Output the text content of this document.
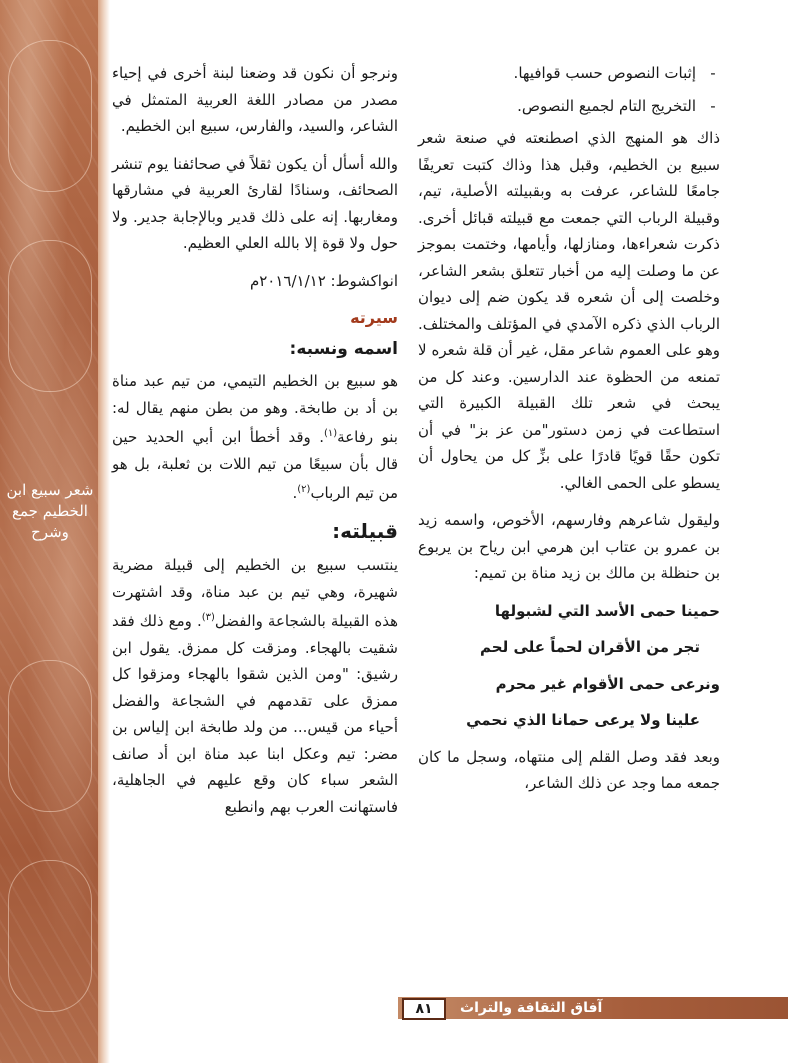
شعر سبيع ابن الخطيم جمع وشرح
-
إثبات النصوص حسب قوافيها.
-
التخريج التام لجميع النصوص.

ذاك هو المنهج الذي اصطنعته في صنعة شعر سبيع بن الخطيم، وقبل هذا وذاك كتبت تعريفًا جامعًا للشاعر، عرفت به وبقبيلته الأصلية، تيم، وقبيلة الرباب التي جمعت مع قبيلته قبائل أخرى. ذكرت شعراءها، ومنازلها، وأيامها، وختمت بموجز عن ما وصلت إليه من أخبار تتعلق بشعر الشاعر، وخلصت إلى أن شعره قد يكون ضم إلى ديوان الرباب الذي ذكره الآمدي في المؤتلف والمختلف. وهو على العموم شاعر مقل، غير أن قلة شعره لا تمنعه من الحظوة عند الدارسين. وعند كل من يبحث في شعر تلك القبيلة الكبيرة التي استطاعت في زمن دستور"من عز بز" في أن تكون حقًا قويًا قادرًا على بزِّ كل من يحاول أن يسطو على الحمى الغالي.

وليقول شاعرهم وفارسهم، الأخوص، واسمه زيد بن عمرو بن عتاب ابن هرمي ابن رياح بن يربوع بن حنظلة بن مالك بن زيد مناة بن تميم:

حمينا حمى الأسد التي لشبولها
تجر من الأقران لحماً على لحم
ونرعى حمى الأقوام غير محرم
علينا ولا يرعى حمانا الذي نحمي

وبعد فقد وصل القلم إلى منتهاه، وسجل ما كان جمعه مما وجد عن ذلك الشاعر،

ونرجو أن نكون قد وضعنا لبنة أخرى في إحياء مصدر من مصادر اللغة العربية المتمثل في الشاعر، والسيد، والفارس، سبيع ابن الخطيم.

والله أسأل أن يكون ثقلاً في صحائفنا يوم تنشر الصحائف، وسنادًا لقارئ العربية في مشارقها ومغاربها. إنه على ذلك قدير وبالإجابة جدير. ولا حول ولا قوة إلا بالله العلي العظيم.

انواكشوط: ٢٠١٦/١/١٢م

سيرته
اسمه ونسبه:

هو سبيع بن الخطيم التيمي، من تيم عبد مناة بن أد بن طابخة. وهو من بطن منهم يقال له: بنو رفاعة$^{(١)}$. وقد أخطأ ابن أبي الحديد حين قال بأن سبيعًا من تيم اللات بن ثعلبة، بل هو من تيم الرباب$^{(٢)}$.

قبيلته:

ينتسب سبيع بن الخطيم إلى قبيلة مضرية شهيرة، وهي تيم بن عبد مناة، وقد اشتهرت هذه القبيلة بالشجاعة والفضل$^{(٣)}$. ومع ذلك فقد شقيت بالهجاء. ومزقت كل ممزق. يقول ابن رشيق: "ومن الذين شقوا بالهجاء ومزقوا كل ممزق على تقدمهم في الشجاعة والفضل أحياء من قيس... من ولد طابخة ابن إلياس بن مضر: تيم وعكل ابنا عبد مناة ابن أد صانف الشعر سباء كان وقع عليهم في الجاهلية، فاستهانت العرب بهم وانطبع

آفاق الثقافة والتراث
٨١
